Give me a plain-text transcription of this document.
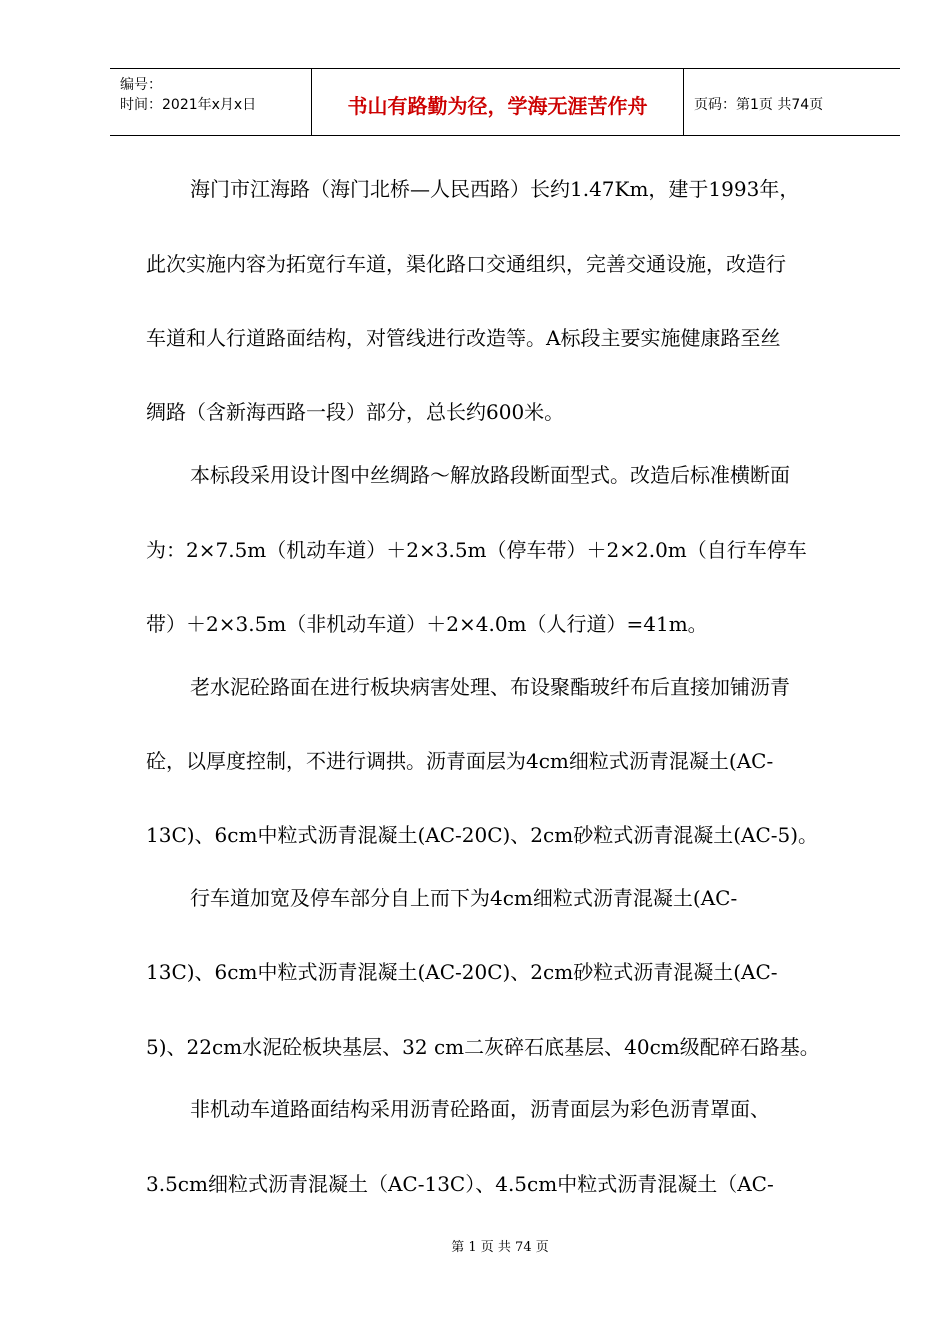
编号：
时间：2021年x月x日	书山有路勤为径，学海无涯苦作舟	页码：第1页 共74页
海门市江海路（海门北桥—人民西路）长约1.47Km，建于1993年，
此次实施内容为拓宽行车道，渠化路口交通组织，完善交通设施，改造行
车道和人行道路面结构，对管线进行改造等。A标段主要实施健康路至丝
绸路（含新海西路一段）部分，总长约600米。
本标段采用设计图中丝绸路～解放路段断面型式。改造后标准横断面
为：2×7.5m（机动车道）＋2×3.5m（停车带）＋2×2.0m（自行车停车
带）＋2×3.5m（非机动车道）＋2×4.0m（人行道）=41m。
老水泥砼路面在进行板块病害处理、布设聚酯玻纤布后直接加铺沥青
砼，以厚度控制，不进行调拱。沥青面层为4cm细粒式沥青混凝土(AC-
13C)、6cm中粒式沥青混凝土(AC-20C)、2cm砂粒式沥青混凝土(AC-5)。
行车道加宽及停车部分自上而下为4cm细粒式沥青混凝土(AC-
13C)、6cm中粒式沥青混凝土(AC-20C)、2cm砂粒式沥青混凝土(AC-
5)、22cm水泥砼板块基层、32 cm二灰碎石底基层、40cm级配碎石路基。
非机动车道路面结构采用沥青砼路面，沥青面层为彩色沥青罩面、
3.5cm细粒式沥青混凝土（AC-13C）、4.5cm中粒式沥青混凝土（AC-
第 1 页 共 74 页
